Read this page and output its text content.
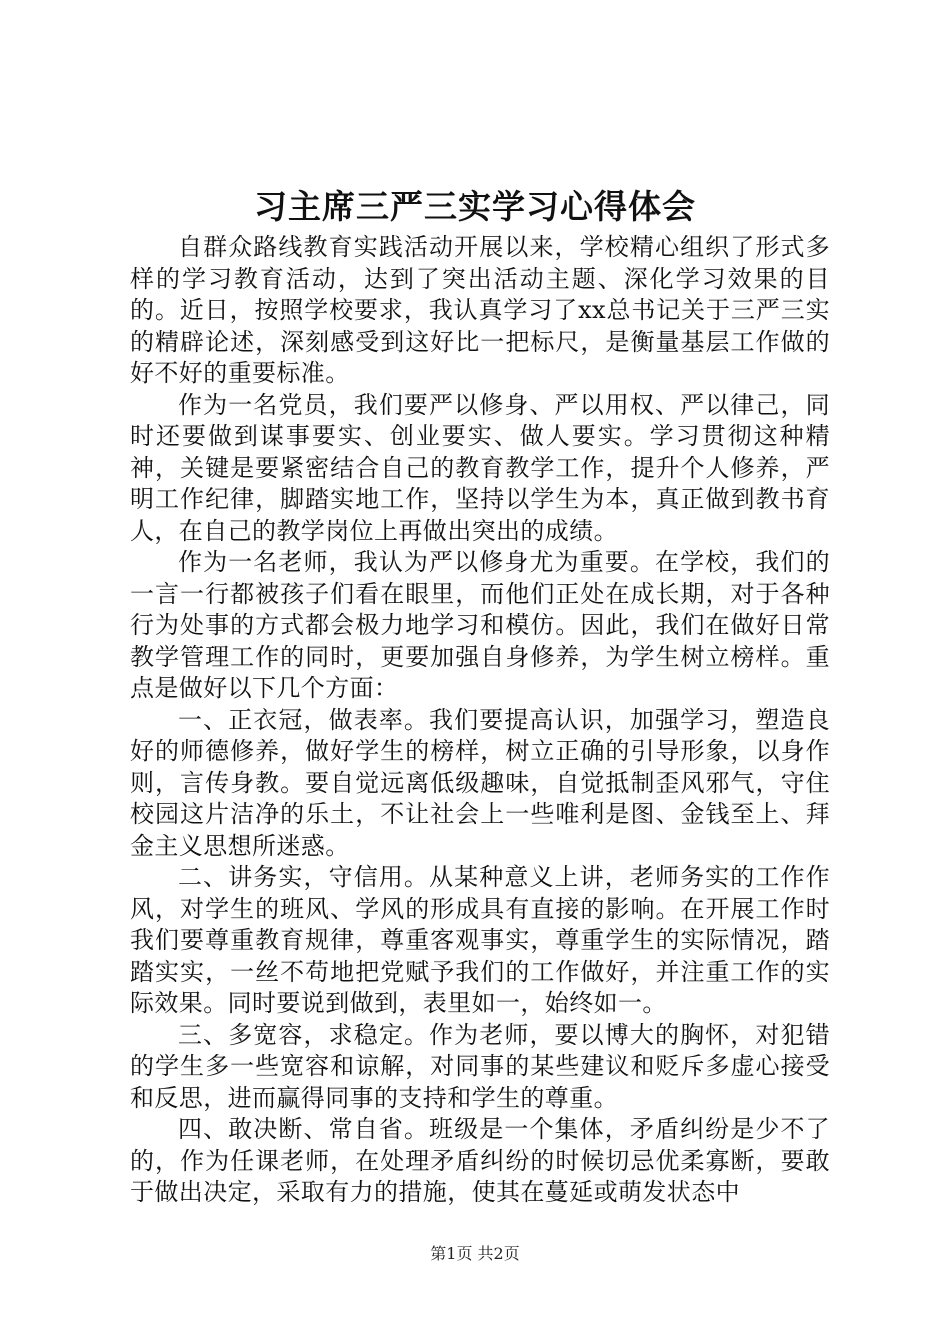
习主席三严三实学习心得体会

自群众路线教育实践活动开展以来，学校精心组织了形式多样的学习教育活动，达到了突出活动主题、深化学习效果的目的。近日，按照学校要求，我认真学习了xx总书记关于三严三实的精辟论述，深刻感受到这好比一把标尺，是衡量基层工作做的好不好的重要标准。

作为一名党员，我们要严以修身、严以用权、严以律己，同时还要做到谋事要实、创业要实、做人要实。学习贯彻这种精神，关键是要紧密结合自己的教育教学工作，提升个人修养，严明工作纪律，脚踏实地工作，坚持以学生为本，真正做到教书育人，在自己的教学岗位上再做出突出的成绩。

作为一名老师，我认为严以修身尤为重要。在学校，我们的一言一行都被孩子们看在眼里，而他们正处在成长期，对于各种行为处事的方式都会极力地学习和模仿。因此，我们在做好日常教学管理工作的同时，更要加强自身修养，为学生树立榜样。重点是做好以下几个方面：

一、正衣冠，做表率。我们要提高认识，加强学习，塑造良好的师德修养，做好学生的榜样，树立正确的引导形象，以身作则，言传身教。要自觉远离低级趣味，自觉抵制歪风邪气，守住校园这片洁净的乐土，不让社会上一些唯利是图、金钱至上、拜金主义思想所迷惑。

二、讲务实，守信用。从某种意义上讲，老师务实的工作作风，对学生的班风、学风的形成具有直接的影响。在开展工作时我们要尊重教育规律，尊重客观事实，尊重学生的实际情况，踏踏实实，一丝不苟地把党赋予我们的工作做好，并注重工作的实际效果。同时要说到做到，表里如一，始终如一。

三、多宽容，求稳定。作为老师，要以博大的胸怀，对犯错的学生多一些宽容和谅解，对同事的某些建议和贬斥多虚心接受和反思，进而赢得同事的支持和学生的尊重。

四、敢决断、常自省。班级是一个集体，矛盾纠纷是少不了的，作为任课老师，在处理矛盾纠纷的时候切忌优柔寡断，要敢于做出决定，采取有力的措施，使其在蔓延或萌发状态中

第1页 共2页
